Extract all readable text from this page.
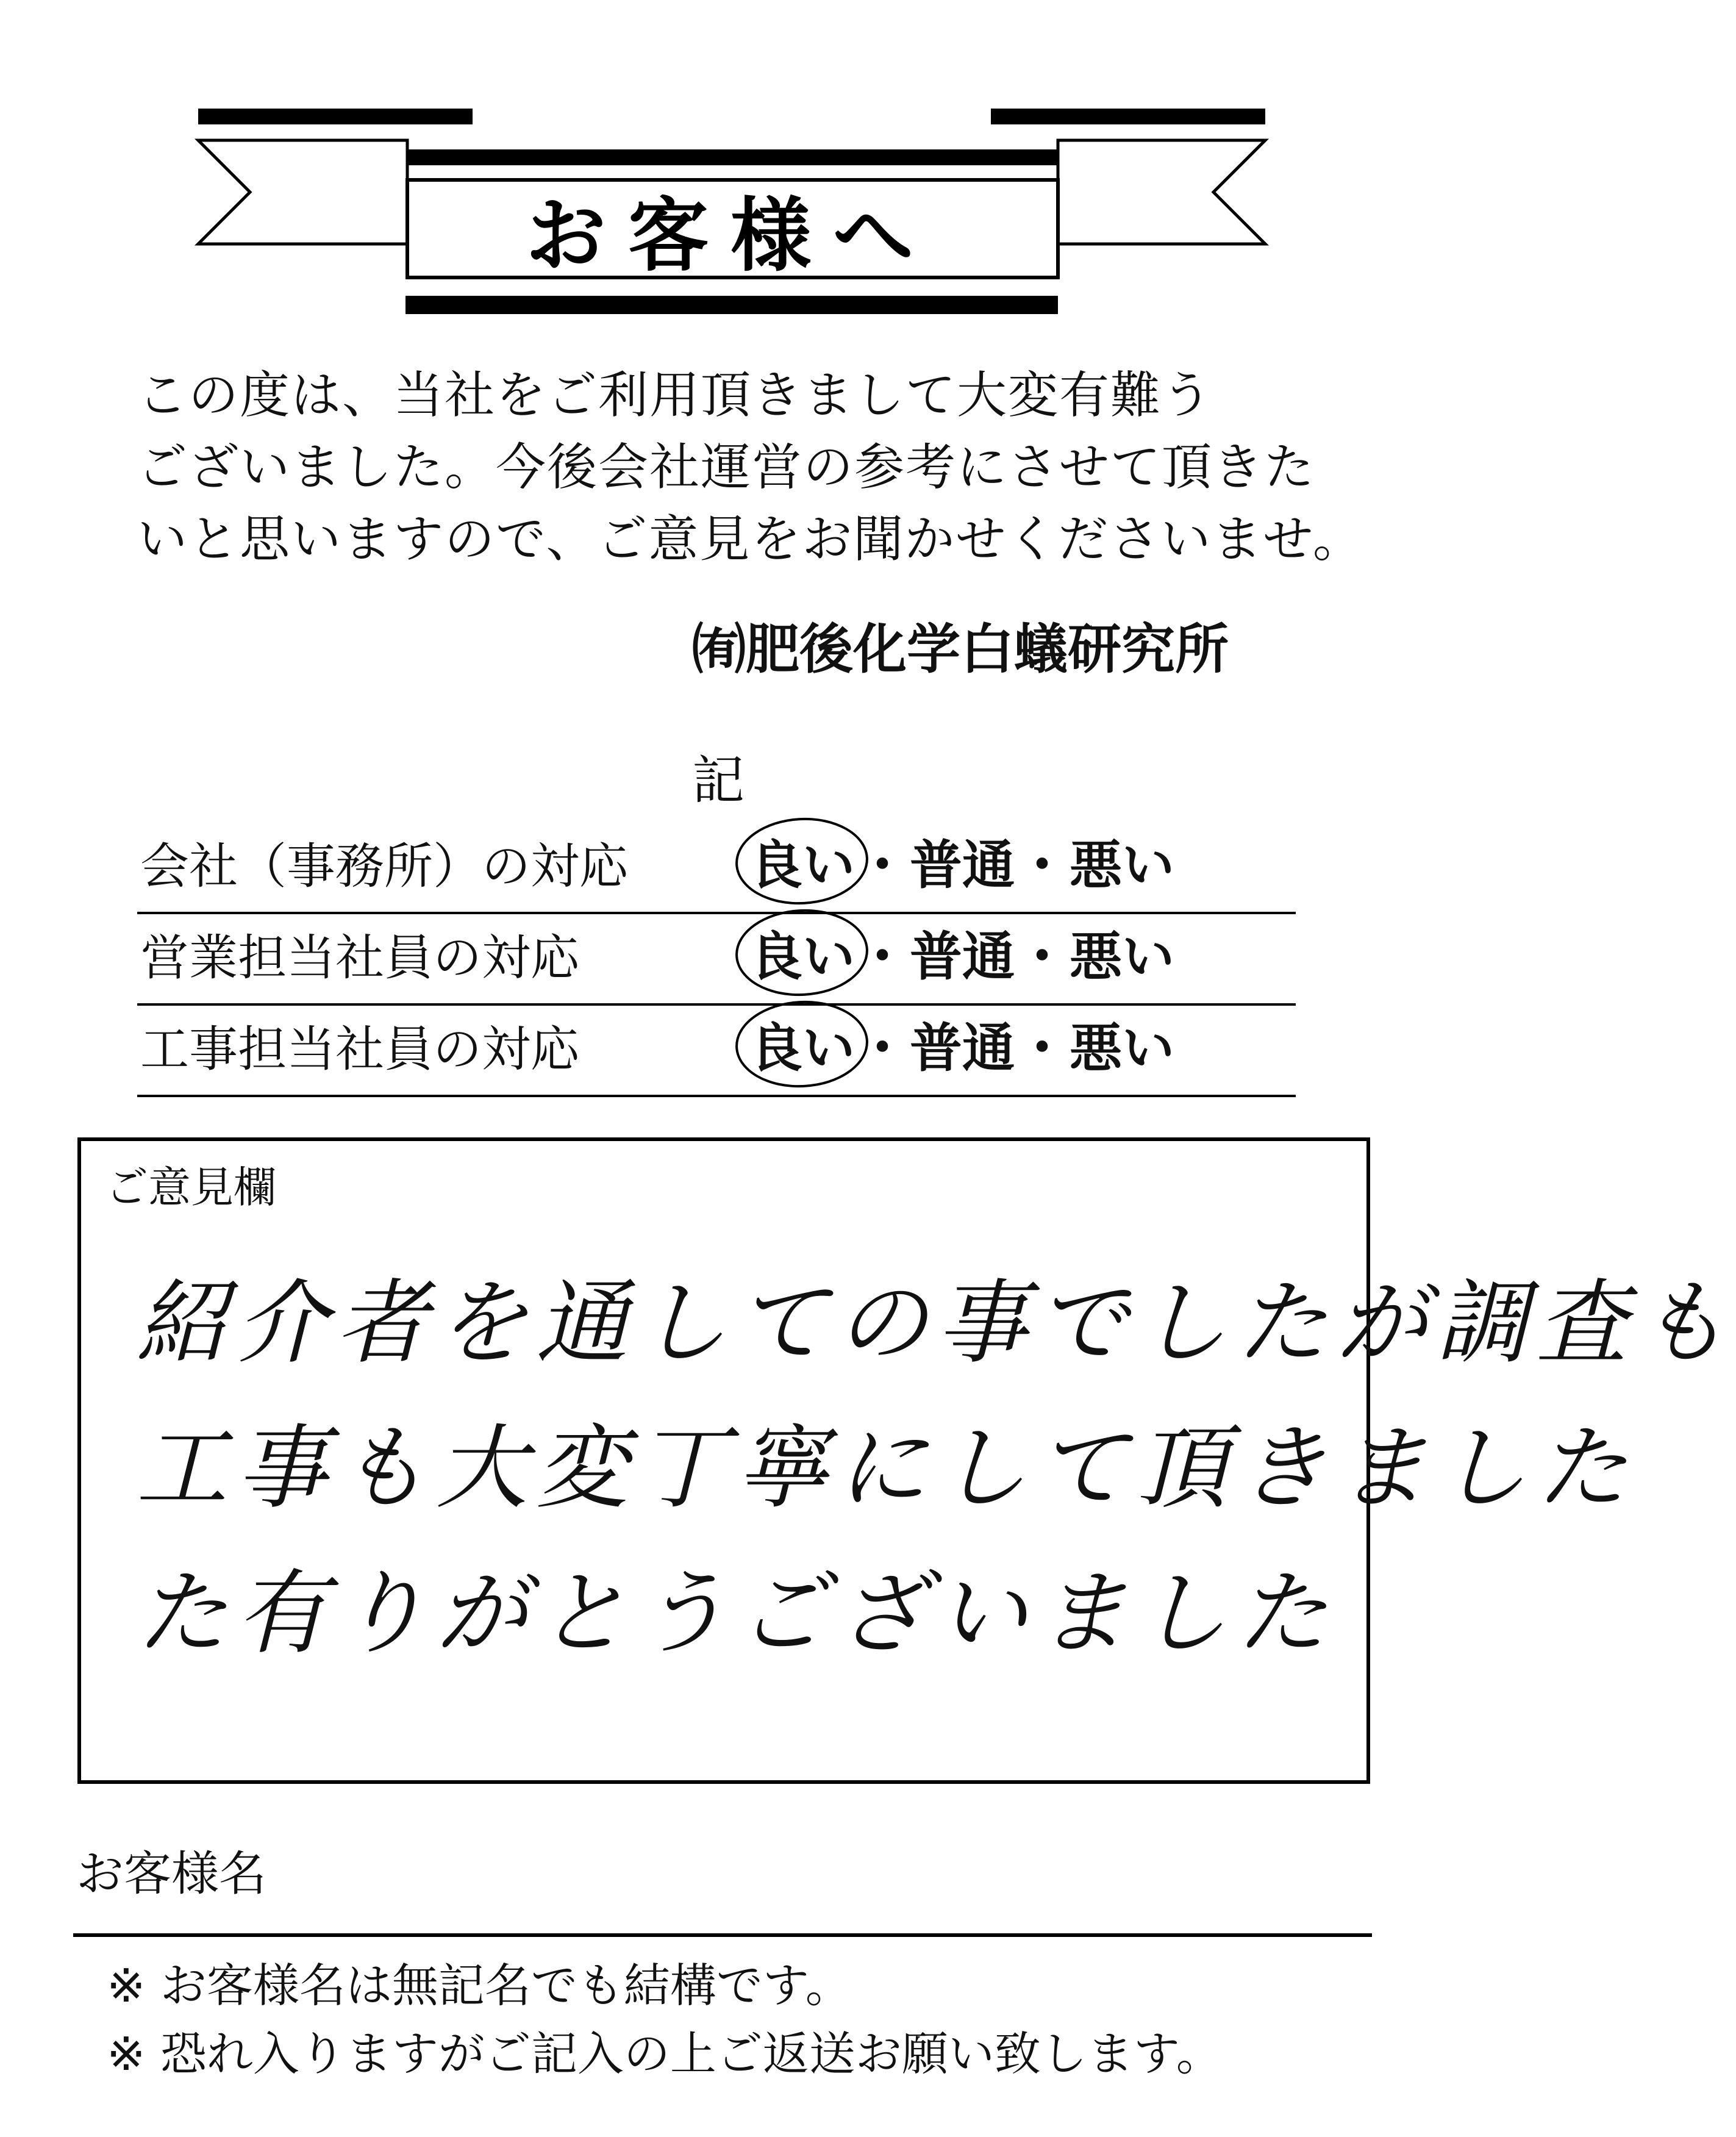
お客様へ
この度は、当社をご利用頂きまして大変有難う
ございました。今後会社運営の参考にさせて頂きた
いと思いますので、ご意見をお聞かせくださいませ。
㈲肥後化学白蟻研究所
記
会社（事務所）の対応 良い ・ 普通 ・ 悪い
営業担当社員の対応	良い ・ 普通 ・ 悪い
工事担当社員の対応	良い ・ 普通 ・ 悪い
ご意見欄
紹介者を通しての事でしたが調査も
工事も大変丁寧にして頂きました
た有りがとうございました
お客様名
※ お客様名は無記名でも結構です。
※ 恐れ入りますがご記入の上ご返送お願い致します。
